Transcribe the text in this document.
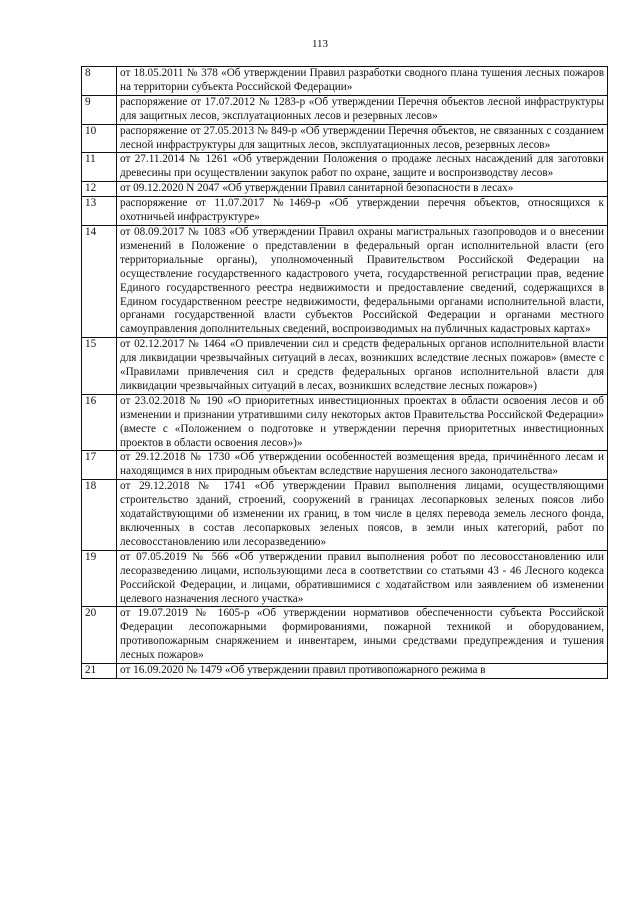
113
8	от 18.05.2011 № 378 «Об утверждении Правил разработки сводного плана тушения лесных пожаров на территории субъекта Российской Федерации»
9	распоряжение от 17.07.2012 № 1283-р «Об утверждении Перечня объектов лесной инфраструктуры для защитных лесов, эксплуатационных лесов и резервных лесов»
10	распоряжение от 27.05.2013 № 849-р «Об утверждении Перечня объектов, не связанных с созданием лесной инфраструктуры для защитных лесов, эксплуатационных лесов, резервных лесов»
11	от 27.11.2014 № 1261 «Об утверждении Положения о продаже лесных насаждений для заготовки древесины при осуществлении закупок работ по охране, защите и воспроизводству лесов»
12	от 09.12.2020 N 2047 «Об утверждении Правил санитарной безопасности в лесах»
13	распоряжение от 11.07.2017 №1469-р «Об утверждении перечня объектов, относящихся к охотничьей инфраструктуре»
14	от 08.09.2017 № 1083 «Об утверждении Правил охраны магистральных газопроводов и о внесении изменений в Положение о представлении в федеральный орган исполнительной власти (его территориальные органы), уполномоченный Правительством Российской Федерации на осуществление государственного кадастрового учета, государственной регистрации прав, ведение Единого государственного реестра недвижимости и предоставление сведений, содержащихся в Едином государственном реестре недвижимости, федеральными органами исполнительной власти, органами государственной власти субъектов Российской Федерации и органами местного самоуправления дополнительных сведений, воспроизводимых на публичных кадастровых картах»
15	от 02.12.2017 № 1464 «О привлечении сил и средств федеральных органов исполнительной власти для ликвидации чрезвычайных ситуаций в лесах, возникших вследствие лесных пожаров» (вместе с «Правилами привлечения сил и средств федеральных органов исполнительной власти для ликвидации чрезвычайных ситуаций в лесах, возникших вследствие лесных пожаров»)
16	от 23.02.2018 № 190 «О приоритетных инвестиционных проектах в области освоения лесов и об изменении и признании утратившими силу некоторых актов Правительства Российской Федерации» (вместе с «Положением о подготовке и утверждении перечня приоритетных инвестиционных проектов в области освоения лесов»)»
17	от 29.12.2018 № 1730 «Об утверждении особенностей возмещения вреда, причинённого лесам и находящимся в них природным объектам вследствие нарушения лесного законодательства»
18	от 29.12.2018 № 1741 «Об утверждении Правил выполнения лицами, осуществляющими строительство зданий, строений, сооружений в границах лесопарковых зеленых поясов либо ходатайствующими об изменении их границ, в том числе в целях перевода земель лесного фонда, включенных в состав лесопарковых зеленых поясов, в земли иных категорий, работ по лесовосстановлению или лесоразведению»
19	от 07.05.2019 № 566 «Об утверждении правил выполнения робот по лесовосстановлению или лесоразведению лицами, использующими леса в соответствии со статьями 43 - 46 Лесного кодекса Российской Федерации, и лицами, обратившимися с ходатайством или заявлением об изменении целевого назначения лесного участка»
20	от 19.07.2019 № 1605-р «Об утверждении нормативов обеспеченности субъекта Российской Федерации лесопожарными формированиями, пожарной техникой и оборудованием, противопожарным снаряжением и инвентарем, иными средствами предупреждения и тушения лесных пожаров»
21	от 16.09.2020 № 1479 «Об утверждении правил противопожарного режима в
